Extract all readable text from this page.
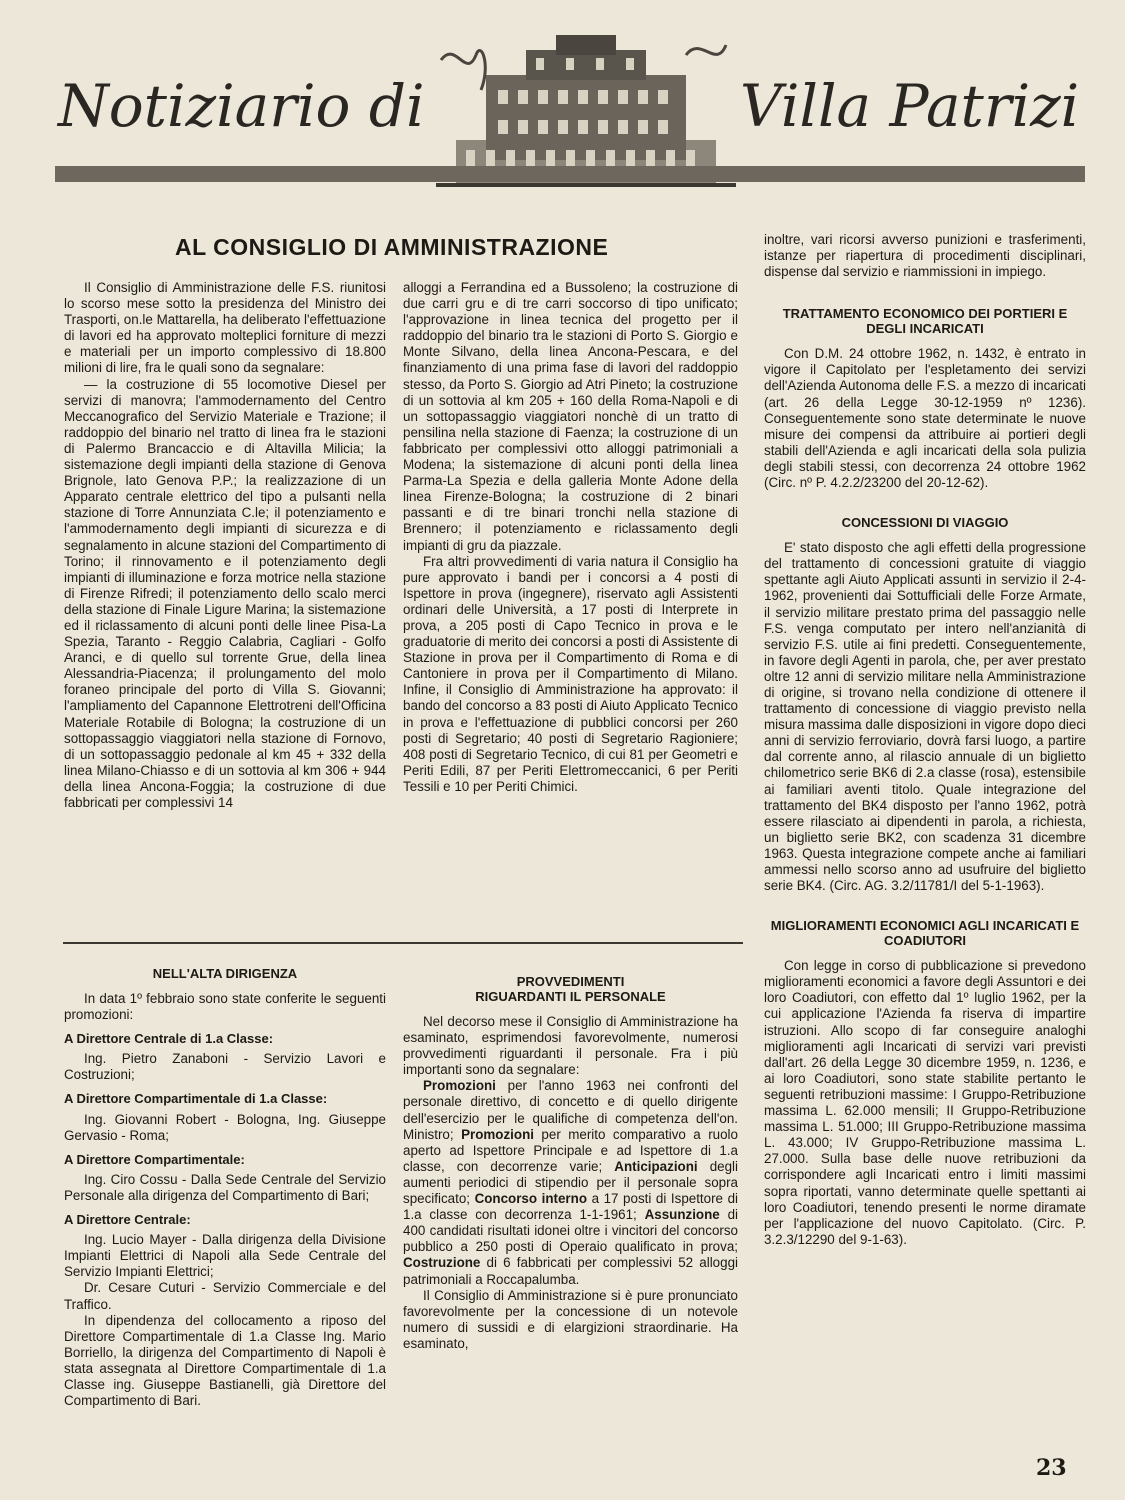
Notiziario di	Villa Patrizi
AL CONSIGLIO DI AMMINISTRAZIONE

Il Consiglio di Amministrazione delle F.S. riunitosi lo scorso mese sotto la presidenza del Ministro dei Trasporti, on.le Mattarella, ha deliberato l'effettuazione di lavori ed ha approvato molteplici forniture di mezzi e materiali per un importo complessivo di 18.800 milioni di lire, fra le quali sono da segnalare:

— la costruzione di 55 locomotive Diesel per servizi di manovra; l'ammodernamento del Centro Meccanografico del Servizio Materiale e Trazione; il raddoppio del binario nel tratto di linea fra le stazioni di Palermo Brancaccio e di Altavilla Milicia; la sistemazione degli impianti della stazione di Genova Brignole, lato Genova P.P.; la realizzazione di un Apparato centrale elettrico del tipo a pulsanti nella stazione di Torre Annunziata C.le; il potenziamento e l'ammodernamento degli impianti di sicurezza e di segnalamento in alcune stazioni del Compartimento di Torino; il rinnovamento e il potenziamento degli impianti di illuminazione e forza motrice nella stazione di Firenze Rifredi; il potenziamento dello scalo merci della stazione di Finale Ligure Marina; la sistemazione ed il riclassamento di alcuni ponti delle linee Pisa-La Spezia, Taranto - Reggio Calabria, Cagliari - Golfo Aranci, e di quello sul torrente Grue, della linea Alessandria-Piacenza; il prolungamento del molo foraneo principale del porto di Villa S. Giovanni; l'ampliamento del Capannone Elettrotreni dell'Officina Materiale Rotabile di Bologna; la costruzione di un sottopassaggio viaggiatori nella stazione di Fornovo, di un sottopassaggio pedonale al km 45 + 332 della linea Milano-Chiasso e di un sottovia al km 306 + 944 della linea Ancona-Foggia; la costruzione di due fabbricati per complessivi 14

alloggi a Ferrandina ed a Bussoleno; la costruzione di due carri gru e di tre carri soccorso di tipo unificato; l'approvazione in linea tecnica del progetto per il raddoppio del binario tra le stazioni di Porto S. Giorgio e Monte Silvano, della linea Ancona-Pescara, e del finanziamento di una prima fase di lavori del raddoppio stesso, da Porto S. Giorgio ad Atri Pineto; la costruzione di un sottovia al km 205 + 160 della Roma-Napoli e di un sottopassaggio viaggiatori nonchè di un tratto di pensilina nella stazione di Faenza; la costruzione di un fabbricato per complessivi otto alloggi patrimoniali a Modena; la sistemazione di alcuni ponti della linea Parma-La Spezia e della galleria Monte Adone della linea Firenze-Bologna; la costruzione di 2 binari passanti e di tre binari tronchi nella stazione di Brennero; il potenziamento e riclassamento degli impianti di gru da piazzale.

Fra altri provvedimenti di varia natura il Consiglio ha pure approvato i bandi per i concorsi a 4 posti di Ispettore in prova (ingegnere), riservato agli Assistenti ordinari delle Università, a 17 posti di Interprete in prova, a 205 posti di Capo Tecnico in prova e le graduatorie di merito dei concorsi a posti di Assistente di Stazione in prova per il Compartimento di Roma e di Cantoniere in prova per il Compartimento di Milano. Infine, il Consiglio di Amministrazione ha approvato: il bando del concorso a 83 posti di Aiuto Applicato Tecnico in prova e l'effettuazione di pubblici concorsi per 260 posti di Segretario; 40 posti di Segretario Ragioniere; 408 posti di Segretario Tecnico, di cui 81 per Geometri e Periti Edili, 87 per Periti Elettromeccanici, 6 per Periti Tessili e 10 per Periti Chimici.

NELL'ALTA DIRIGENZA

In data 1º febbraio sono state conferite le seguenti promozioni:

A Direttore Centrale di 1.a Classe:

Ing. Pietro Zanaboni - Servizio Lavori e Costruzioni;

A Direttore Compartimentale di 1.a Classe:

Ing. Giovanni Robert - Bologna, Ing. Giuseppe Gervasio - Roma;

A Direttore Compartimentale:

Ing. Ciro Cossu - Dalla Sede Centrale del Servizio Personale alla dirigenza del Compartimento di Bari;

A Direttore Centrale:

Ing. Lucio Mayer - Dalla dirigenza della Divisione Impianti Elettrici di Napoli alla Sede Centrale del Servizio Impianti Elettrici;

Dr. Cesare Cuturi - Servizio Commerciale e del Traffico.

In dipendenza del collocamento a riposo del Direttore Compartimentale di 1.a Classe Ing. Mario Borriello, la dirigenza del Compartimento di Napoli è stata assegnata al Direttore Compartimentale di 1.a Classe ing. Giuseppe Bastianelli, già Direttore del Compartimento di Bari.

PROVVEDIMENTI
RIGUARDANTI IL PERSONALE

Nel decorso mese il Consiglio di Amministrazione ha esaminato, esprimendosi favorevolmente, numerosi provvedimenti riguardanti il personale. Fra i più importanti sono da segnalare:

Promozioni per l'anno 1963 nei confronti del personale direttivo, di concetto e di quello dirigente dell'esercizio per le qualifiche di competenza dell'on. Ministro; Promozioni per merito comparativo a ruolo aperto ad Ispettore Principale e ad Ispettore di 1.a classe, con decorrenze varie; Anticipazioni degli aumenti periodici di stipendio per il personale sopra specificato; Concorso interno a 17 posti di Ispettore di 1.a classe con decorrenza 1-1-1961; Assunzione di 400 candidati risultati idonei oltre i vincitori del concorso pubblico a 250 posti di Operaio qualificato in prova; Costruzione di 6 fabbricati per complessivi 52 alloggi patrimoniali a Roccapalumba.

Il Consiglio di Amministrazione si è pure pronunciato favorevolmente per la concessione di un notevole numero di sussidi e di elargizioni straordinarie. Ha esaminato,

inoltre, vari ricorsi avverso punizioni e trasferimenti, istanze per riapertura di procedimenti disciplinari, dispense dal servizio e riammissioni in impiego.

TRATTAMENTO ECONOMICO DEI PORTIERI E DEGLI INCARICATI

Con D.M. 24 ottobre 1962, n. 1432, è entrato in vigore il Capitolato per l'espletamento dei servizi dell'Azienda Autonoma delle F.S. a mezzo di incaricati (art. 26 della Legge 30-12-1959 nº 1236). Conseguentemente sono state determinate le nuove misure dei compensi da attribuire ai portieri degli stabili dell'Azienda e agli incaricati della sola pulizia degli stabili stessi, con decorrenza 24 ottobre 1962 (Circ. nº P. 4.2.2/23200 del 20-12-62).

CONCESSIONI DI VIAGGIO

E' stato disposto che agli effetti della progressione del trattamento di concessioni gratuite di viaggio spettante agli Aiuto Applicati assunti in servizio il 2-4-1962, provenienti dai Sottufficiali delle Forze Armate, il servizio militare prestato prima del passaggio nelle F.S. venga computato per intero nell'anzianità di servizio F.S. utile ai fini predetti. Conseguentemente, in favore degli Agenti in parola, che, per aver prestato oltre 12 anni di servizio militare nella Amministrazione di origine, si trovano nella condizione di ottenere il trattamento di concessione di viaggio previsto nella misura massima dalle disposizioni in vigore dopo dieci anni di servizio ferroviario, dovrà farsi luogo, a partire dal corrente anno, al rilascio annuale di un biglietto chilometrico serie BK6 di 2.a classe (rosa), estensibile ai familiari aventi titolo. Quale integrazione del trattamento del BK4 disposto per l'anno 1962, potrà essere rilasciato ai dipendenti in parola, a richiesta, un biglietto serie BK2, con scadenza 31 dicembre 1963. Questa integrazione compete anche ai familiari ammessi nello scorso anno ad usufruire del biglietto serie BK4. (Circ. AG. 3.2/11781/I del 5-1-1963).

MIGLIORAMENTI ECONOMICI AGLI INCARICATI E COADIUTORI

Con legge in corso di pubblicazione si prevedono miglioramenti economici a favore degli Assuntori e dei loro Coadiutori, con effetto dal 1º luglio 1962, per la cui applicazione l'Azienda fa riserva di impartire istruzioni. Allo scopo di far conseguire analoghi miglioramenti agli Incaricati di servizi vari previsti dall'art. 26 della Legge 30 dicembre 1959, n. 1236, e ai loro Coadiutori, sono state stabilite pertanto le seguenti retribuzioni massime: I Gruppo-Retribuzione massima L. 62.000 mensili; II Gruppo-Retribuzione massima L. 51.000; III Gruppo-Retribuzione massima L. 43.000; IV Gruppo-Retribuzione massima L. 27.000. Sulla base delle nuove retribuzioni da corrispondere agli Incaricati entro i limiti massimi sopra riportati, vanno determinate quelle spettanti ai loro Coadiutori, tenendo presenti le norme diramate per l'applicazione del nuovo Capitolato. (Circ. P. 3.2.3/12290 del 9-1-63).

23
